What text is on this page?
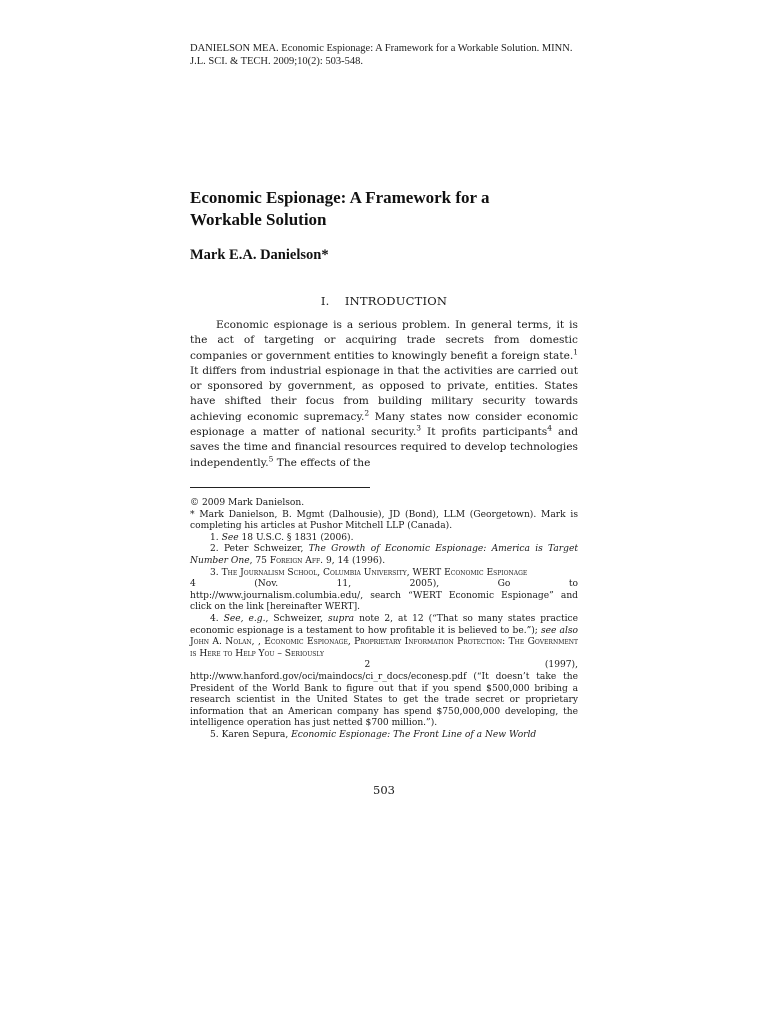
DANIELSON MEA. Economic Espionage: A Framework for a Workable Solution. MINN.
J.L. SCI. & TECH. 2009;10(2): 503-548.
Economic Espionage: A Framework for a
Workable Solution
Mark E.A. Danielson*
I.    INTRODUCTION
Economic espionage is a serious problem. In general terms, it is the act of targeting or acquiring trade secrets from domestic companies or government entities to knowingly benefit a foreign state.$^1$ It differs from industrial espionage in that the activities are carried out or sponsored by government, as opposed to private, entities. States have shifted their focus from building military security towards achieving economic supremacy.$^2$ Many states now consider economic espionage a matter of national security.$^3$ It profits participants$^4$ and saves the time and financial resources required to develop technologies independently.$^5$ The effects of the
© 2009 Mark Danielson.
* Mark Danielson, B. Mgmt (Dalhousie), JD (Bond), LLM (Georgetown). Mark is completing his articles at Pushor Mitchell LLP (Canada).
1. See 18 U.S.C. § 1831 (2006).
2. Peter Schweizer, The Growth of Economic Espionage: America is Target Number One, 75 Foreign Aff. 9, 14 (1996).
3. The Journalism School, Columbia University, WERT Economic Espionage
4	(Nov.	11,	2005),	Go	to
http://www.journalism.columbia.edu/, search “WERT Economic Espionage” and click on the link [hereinafter WERT].
4. See, e.g., Schweizer, supra note 2, at 12 (“That so many states practice economic espionage is a testament to how profitable it is believed to be.”); see also John A. Nolan, , Economic Espionage, Proprietary Information Protection: The Government is Here to Help You – Seriously
2	(1997),
http://www.hanford.gov/oci/maindocs/ci_r_docs/econesp.pdf (“It doesn’t take the President of the World Bank to figure out that if you spend $500,000 bribing a research scientist in the United States to get the trade secret or proprietary information that an American company has spend $750,000,000 developing, the intelligence operation has just netted $700 million.”).
5. Karen Sepura, Economic Espionage: The Front Line of a New World
503
